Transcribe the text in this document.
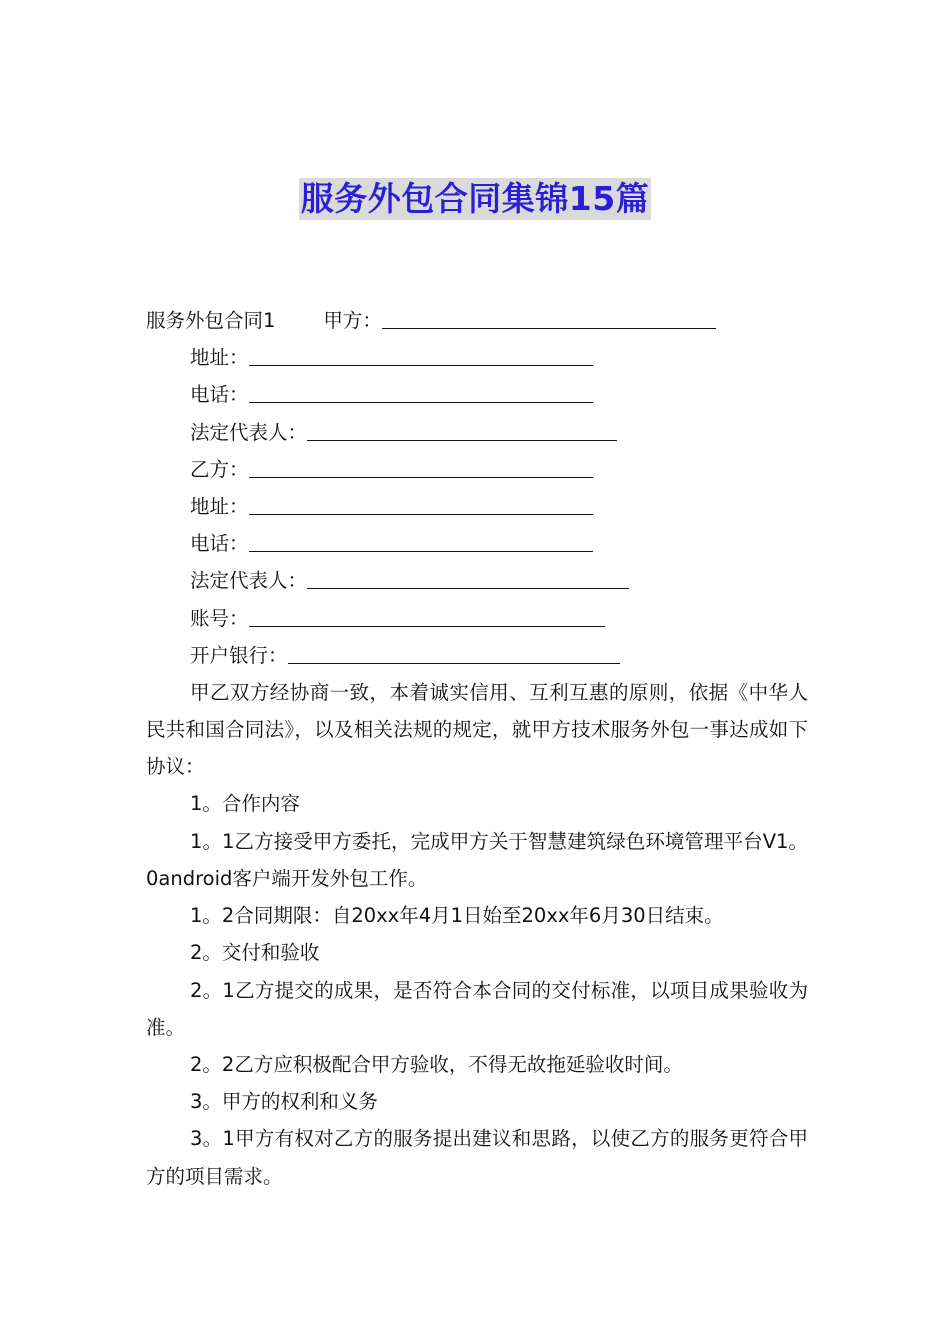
服务外包合同集锦15篇
服务外包合同1 甲方：
地址：
电话：
法定代表人：
乙方：
地址：
电话：
法定代表人：
账号：
开户银行：
甲乙双方经协商一致，本着诚实信用、互利互惠的原则，依据《中华人民共和国合同法》，以及相关法规的规定，就甲方技术服务外包一事达成如下协议：
1。合作内容
1。1乙方接受甲方委托，完成甲方关于智慧建筑绿色环境管理平台V1。0android客户端开发外包工作。
1。2合同期限：自20xx年4月1日始至20xx年6月30日结束。
2。交付和验收
2。1乙方提交的成果，是否符合本合同的交付标准，以项目成果验收为准。
2。2乙方应积极配合甲方验收，不得无故拖延验收时间。
3。甲方的权利和义务
3。1甲方有权对乙方的服务提出建议和思路，以使乙方的服务更符合甲方的项目需求。
